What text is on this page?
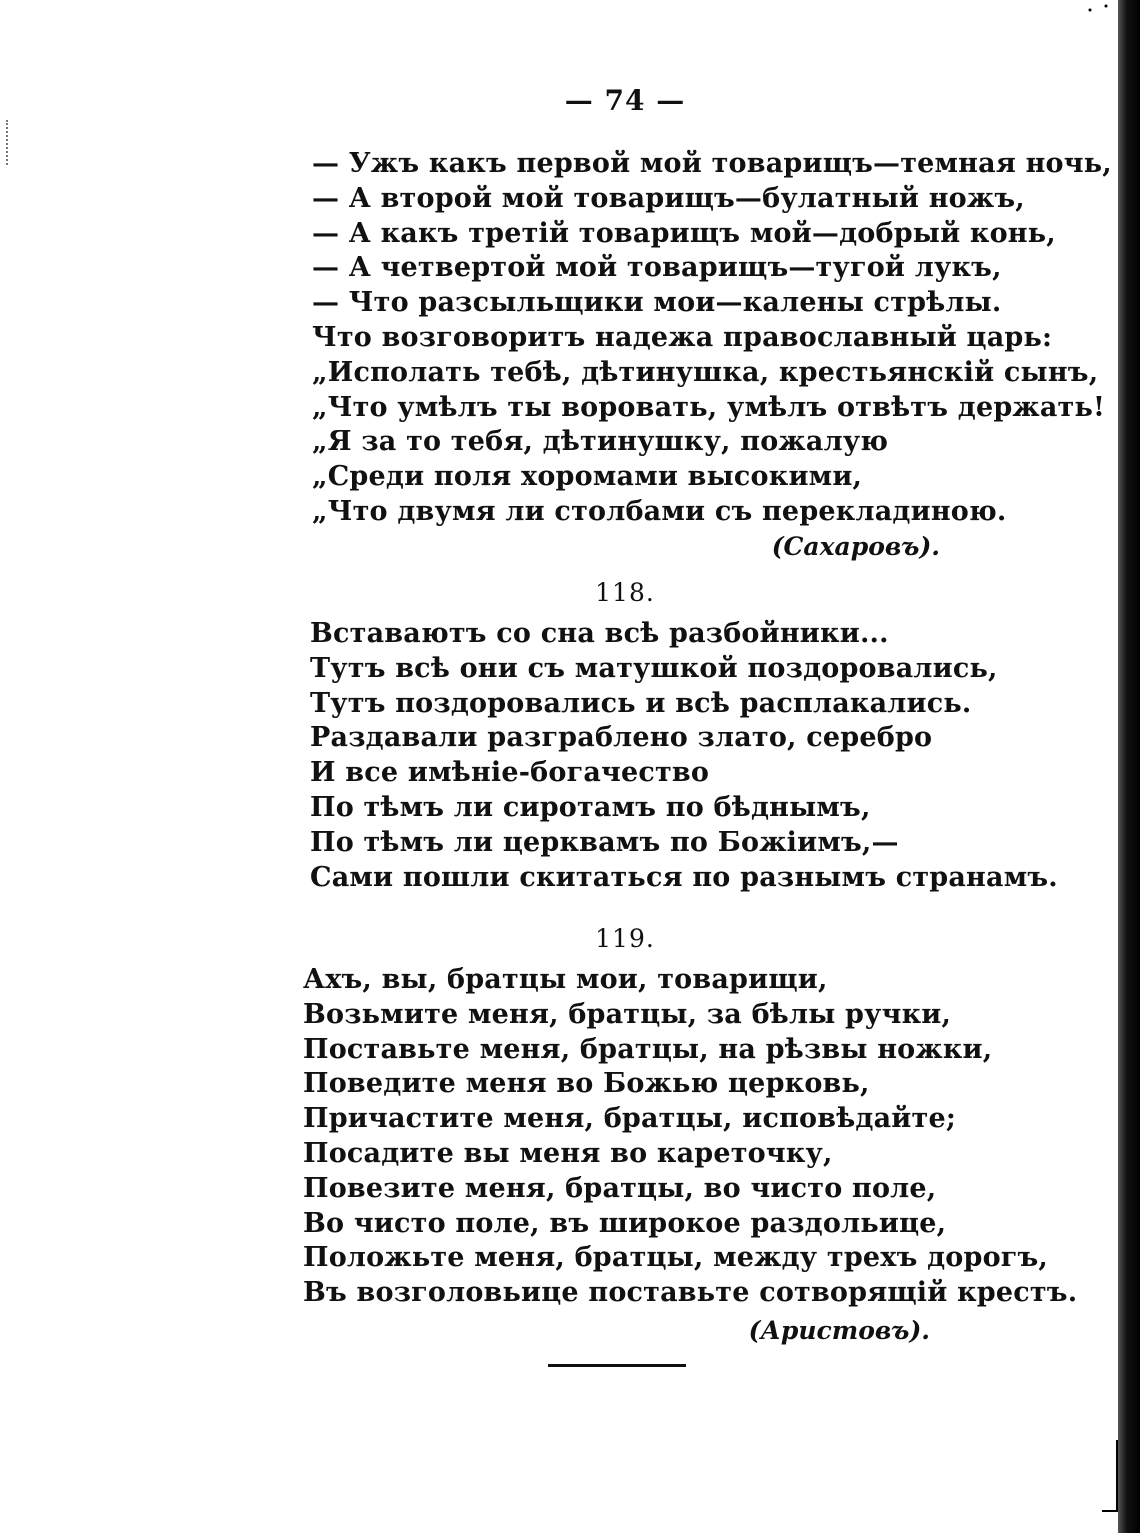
— 74 —
— Ужъ какъ первой мой товарищъ—темная ночь,
— А второй мой товарищъ—булатный ножъ,
— А какъ третій товарищъ мой—добрый конь,
— А четвертой мой товарищъ—тугой лукъ,
— Что разсыльщики мои—калены стрѣлы.
Что возговоритъ надежа православный царь:
„Исполать тебѣ, дѣтинушка, крестьянскій сынъ,
„Что умѣлъ ты воровать, умѣлъ отвѣтъ держать!
„Я за то тебя, дѣтинушку, пожалую
„Среди поля хоромами высокими,
„Что двумя ли столбами съ перекладиною.
(Сахаровъ).
118.
Вставаютъ со сна всѣ разбойники...
Тутъ всѣ они съ матушкой поздоровались,
Тутъ поздоровались и всѣ расплакались.
Раздавали разграблено злато, серебро
И все имѣніе-богачество
По тѣмъ ли сиротамъ по бѣднымъ,
По тѣмъ ли церквамъ по Божіимъ,—
Сами пошли скитаться по разнымъ странамъ.
119.
Ахъ, вы, братцы мои, товарищи,
Возьмите меня, братцы, за бѣлы ручки,
Поставьте меня, братцы, на рѣзвы ножки,
Поведите меня во Божью церковь,
Причастите меня, братцы, исповѣдайте;
Посадите вы меня во кареточку,
Повезите меня, братцы, во чисто поле,
Во чисто поле, въ широкое раздольице,
Положьте меня, братцы, между трехъ дорогъ,
Въ возголовьице поставьте сотворящій крестъ.
(Аристовъ).
